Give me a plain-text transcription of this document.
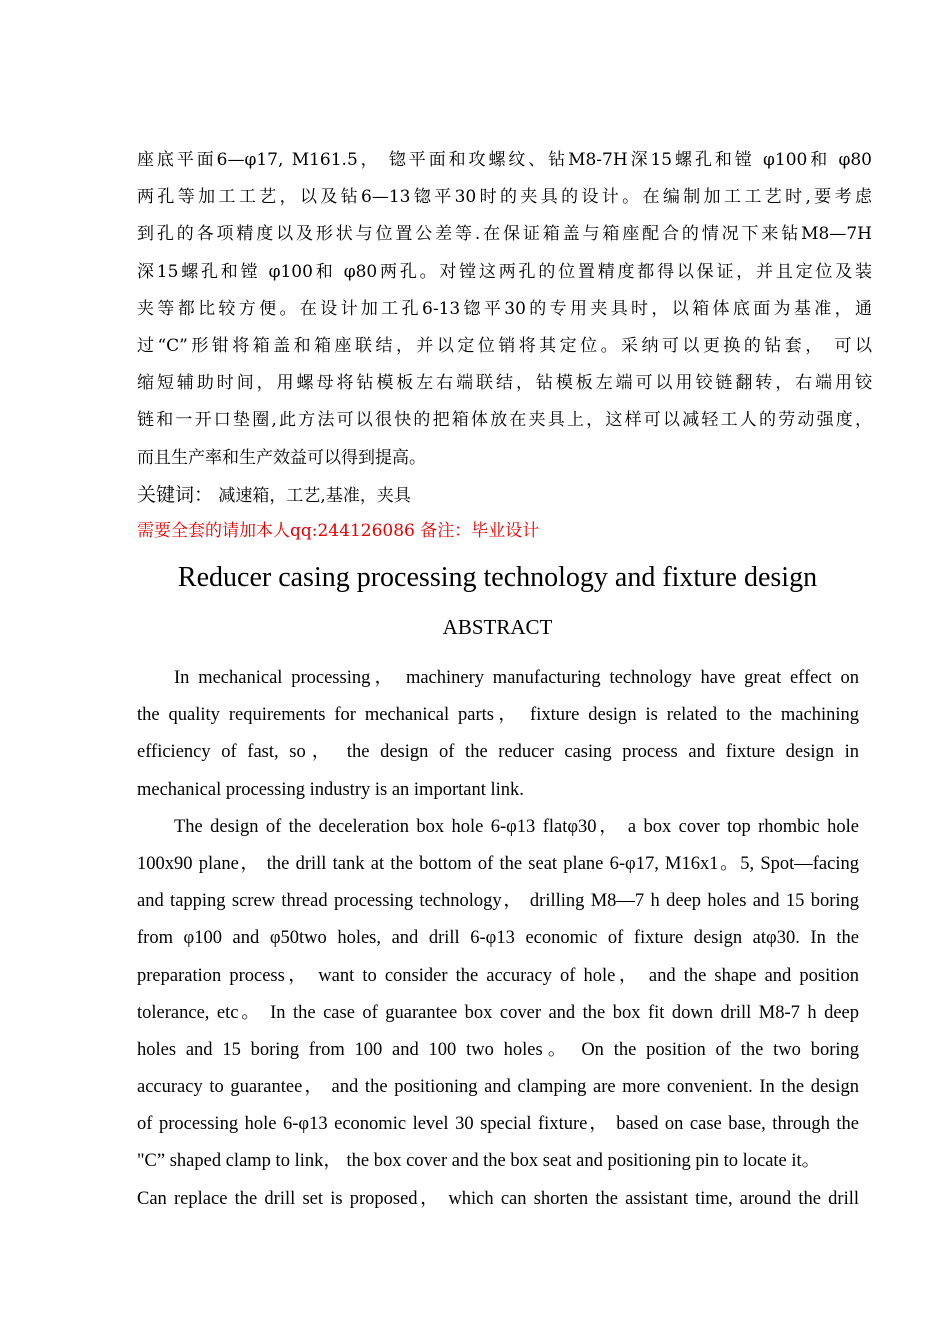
座底平面6—φ17, M161.5， 锪平面和攻螺纹、钻M8-7H深15螺孔和镗 φ100和 φ80
两孔等加工工艺，以及钻6—13锪平30时的夹具的设计。在编制加工工艺时,要考虑
到孔的各项精度以及形状与位置公差等.在保证箱盖与箱座配合的情况下来钻M8—7H
深15螺孔和镗 φ100和 φ80两孔。对镗这两孔的位置精度都得以保证，并且定位及装
夹等都比较方便。在设计加工孔6-13锪平30的专用夹具时，以箱体底面为基准，通
过“C”形钳将箱盖和箱座联结，并以定位销将其定位。采纳可以更换的钻套， 可以
缩短辅助时间，用螺母将钻模板左右端联结，钻模板左端可以用铰链翻转，右端用铰
链和一开口垫圈,此方法可以很快的把箱体放在夹具上，这样可以减轻工人的劳动强度，
而且生产率和生产效益可以得到提高。
关键词： 减速箱，工艺,基准，夹具
需要全套的请加本人qq:244126086 备注：毕业设计
Reducer casing processing technology and fixture design
ABSTRACT
In mechanical processing， machinery manufacturing technology have great effect on
the quality requirements for mechanical parts， fixture design is related to the machining
efficiency of fast, so， the design of the reducer casing process and fixture design in
mechanical processing industry is an important link.
The design of the deceleration box hole 6-φ13 flatφ30， a box cover top rhombic hole
100x90 plane， the drill tank at the bottom of the seat plane 6-φ17, M16x1。5, Spot—facing
and tapping screw thread processing technology， drilling M8—7 h deep holes and 15 boring
from φ100 and φ50two holes, and drill 6-φ13 economic of fixture design atφ30. In the
preparation process， want to consider the accuracy of hole， and the shape and position
tolerance, etc。 In the case of guarantee box cover and the box fit down drill M8-7 h deep
holes and 15 boring from 100 and 100 two holes。 On the position of the two boring
accuracy to guarantee， and the positioning and clamping are more convenient. In the design
of processing hole 6-φ13 economic level 30 special fixture， based on case base, through the
"C” shaped clamp to link， the box cover and the box seat and positioning pin to locate it。
Can replace the drill set is proposed， which can shorten the assistant time, around the drill
